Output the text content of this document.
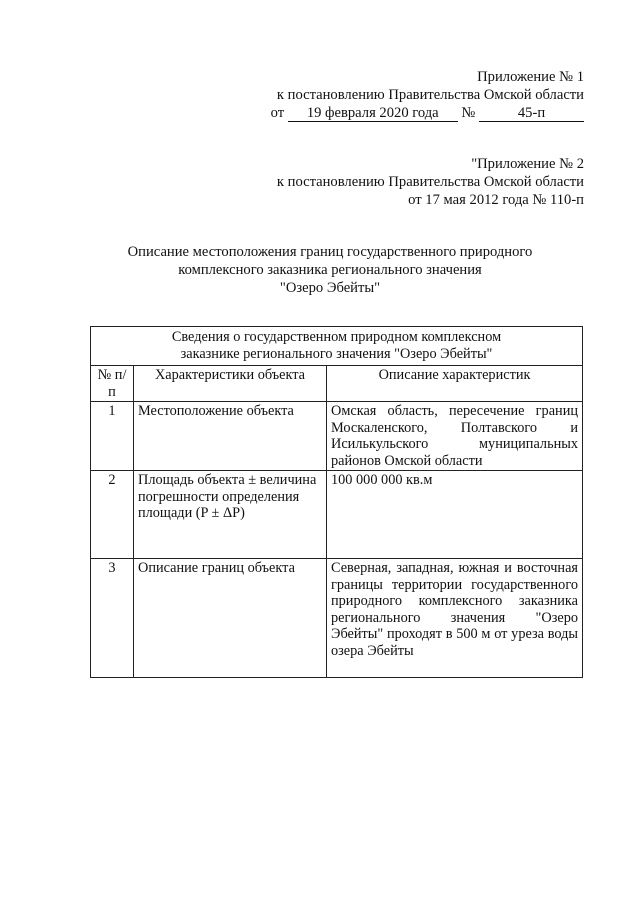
Приложение № 1
к постановлению Правительства Омской области
от 19 февраля 2020 года №	45-п
"Приложение № 2
к постановлению Правительства Омской области
от 17 мая 2012 года № 110-п
Описание местоположения границ государственного природного
комплексного заказника регионального значения
"Озеро Эбейты"
Сведения о государственном природном комплексном
заказнике регионального значения "Озеро Эбейты"		

№ п/п	Характеристики объекта	Описание характеристик
1	Местоположение объекта	Омская область, пересечение границ Москаленского, Полтавского и Исилькульского муниципальных районов Омской области
2	Площадь объекта ± величина погрешности определения площади (P ± ΔP)	100 000 000 кв.м
3	Описание границ объекта	Северная, западная, южная и восточная границы территории государственного природного комплексного заказника регионального значения "Озеро Эбейты" проходят в 500 м от уреза воды озера Эбейты
